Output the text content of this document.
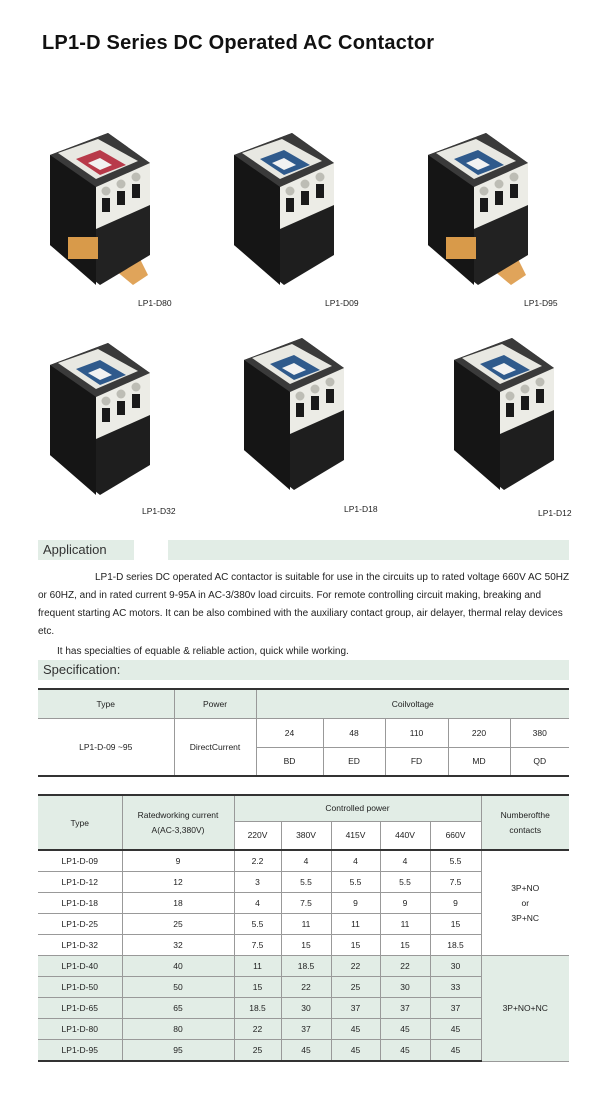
LP1-D Series DC Operated AC Contactor
LP1-D80	LP1-D09	LP1-D95
LP1-D32	LP1-D18	LP1-D12
Application

LP1-D series DC operated AC contactor is suitable for use in the circuits up to rated voltage 660V AC 50HZ or 60HZ, and in rated current 9-95A in AC-3/380v load circuits. For remote controlling circuit making, breaking and frequent starting AC motors. It can be also combined with the auxiliary contact group, air delayer, thermal relay devices etc.

It has specialties of equable & reliable action, quick while working.

Specification:
Type	Power	Coilvoltage				
LP1-D-09 ~95	DirectCurrent	24	48	110	220	380
		BD	ED	FD	MD	QD
Type	Ratedworking current
A(AC-3,380V)	Controlled power					Numberofthe
contacts
		220V	380V	415V	440V	660V	
LP1-D-09	9	2.2	4	4	4	5.5	3P+NO
or
3P+NC
LP1-D-12	12	3	5.5	5.5	5.5	7.5	
LP1-D-18	18	4	7.5	9	9	9	
LP1-D-25	25	5.5	11	11	11	15	
LP1-D-32	32	7.5	15	15	15	18.5	
LP1-D-40	40	11	18.5	22	22	30	3P+NO+NC
LP1-D-50	50	15	22	25	30	33	
LP1-D-65	65	18.5	30	37	37	37	
LP1-D-80	80	22	37	45	45	45	
LP1-D-95	95	25	45	45	45	45	
